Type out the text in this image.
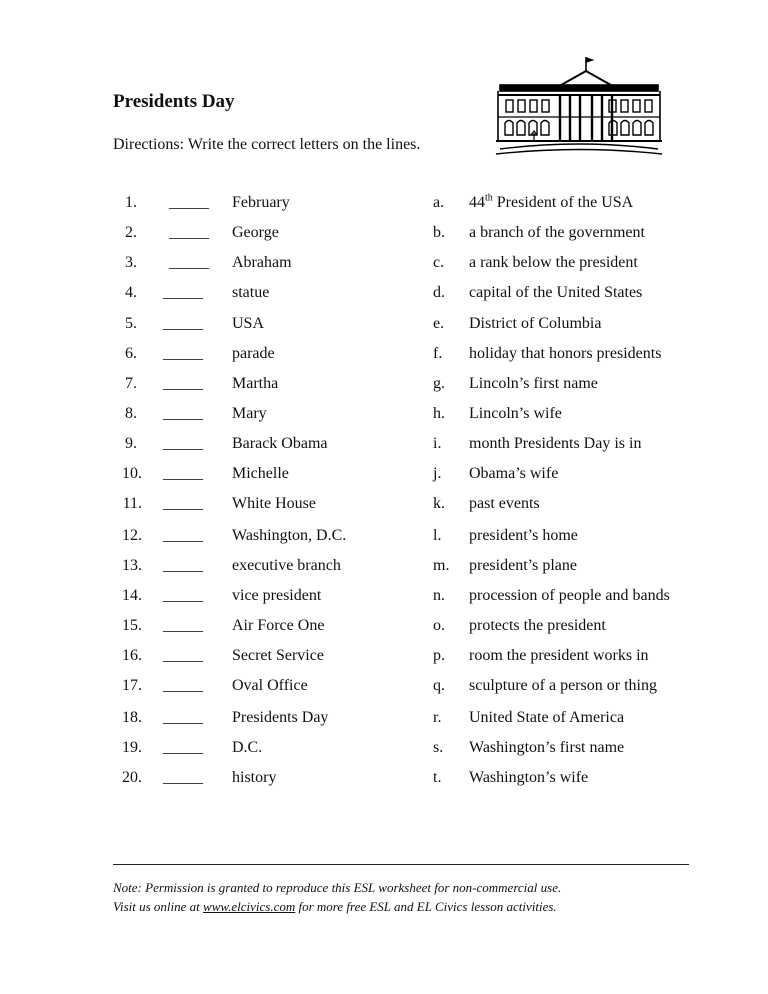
Presidents Day
Directions: Write the correct letters on the lines.
1. _____ February	a. 44th President of the USA
2. _____ George	b. a branch of the government
3. _____ Abraham	c. a rank below the president
4. _____ statue	d. capital of the United States
5. _____ USA	e. District of Columbia
6. _____ parade	f. holiday that honors presidents
7. _____ Martha	g. Lincoln’s first name
8. _____ Mary	h. Lincoln’s wife
9. _____ Barack Obama	i. month Presidents Day is in
10. _____ Michelle	j. Obama’s wife
11. _____ White House	k. past events
12. _____ Washington, D.C.	l. president’s home
13. _____ executive branch	m. president’s plane
14. _____ vice president	n. procession of people and bands
15. _____ Air Force One	o. protects the president
16. _____ Secret Service	p. room the president works in
17. _____ Oval Office	q. sculpture of a person or thing
18. _____ Presidents Day	r. United State of America
19. _____ D.C.	s. Washington’s first name
20. _____ history	t. Washington’s wife
Note: Permission is granted to reproduce this ESL worksheet for non-commercial use.
Visit us online at www.elcivics.com for more free ESL and EL Civics lesson activities.
